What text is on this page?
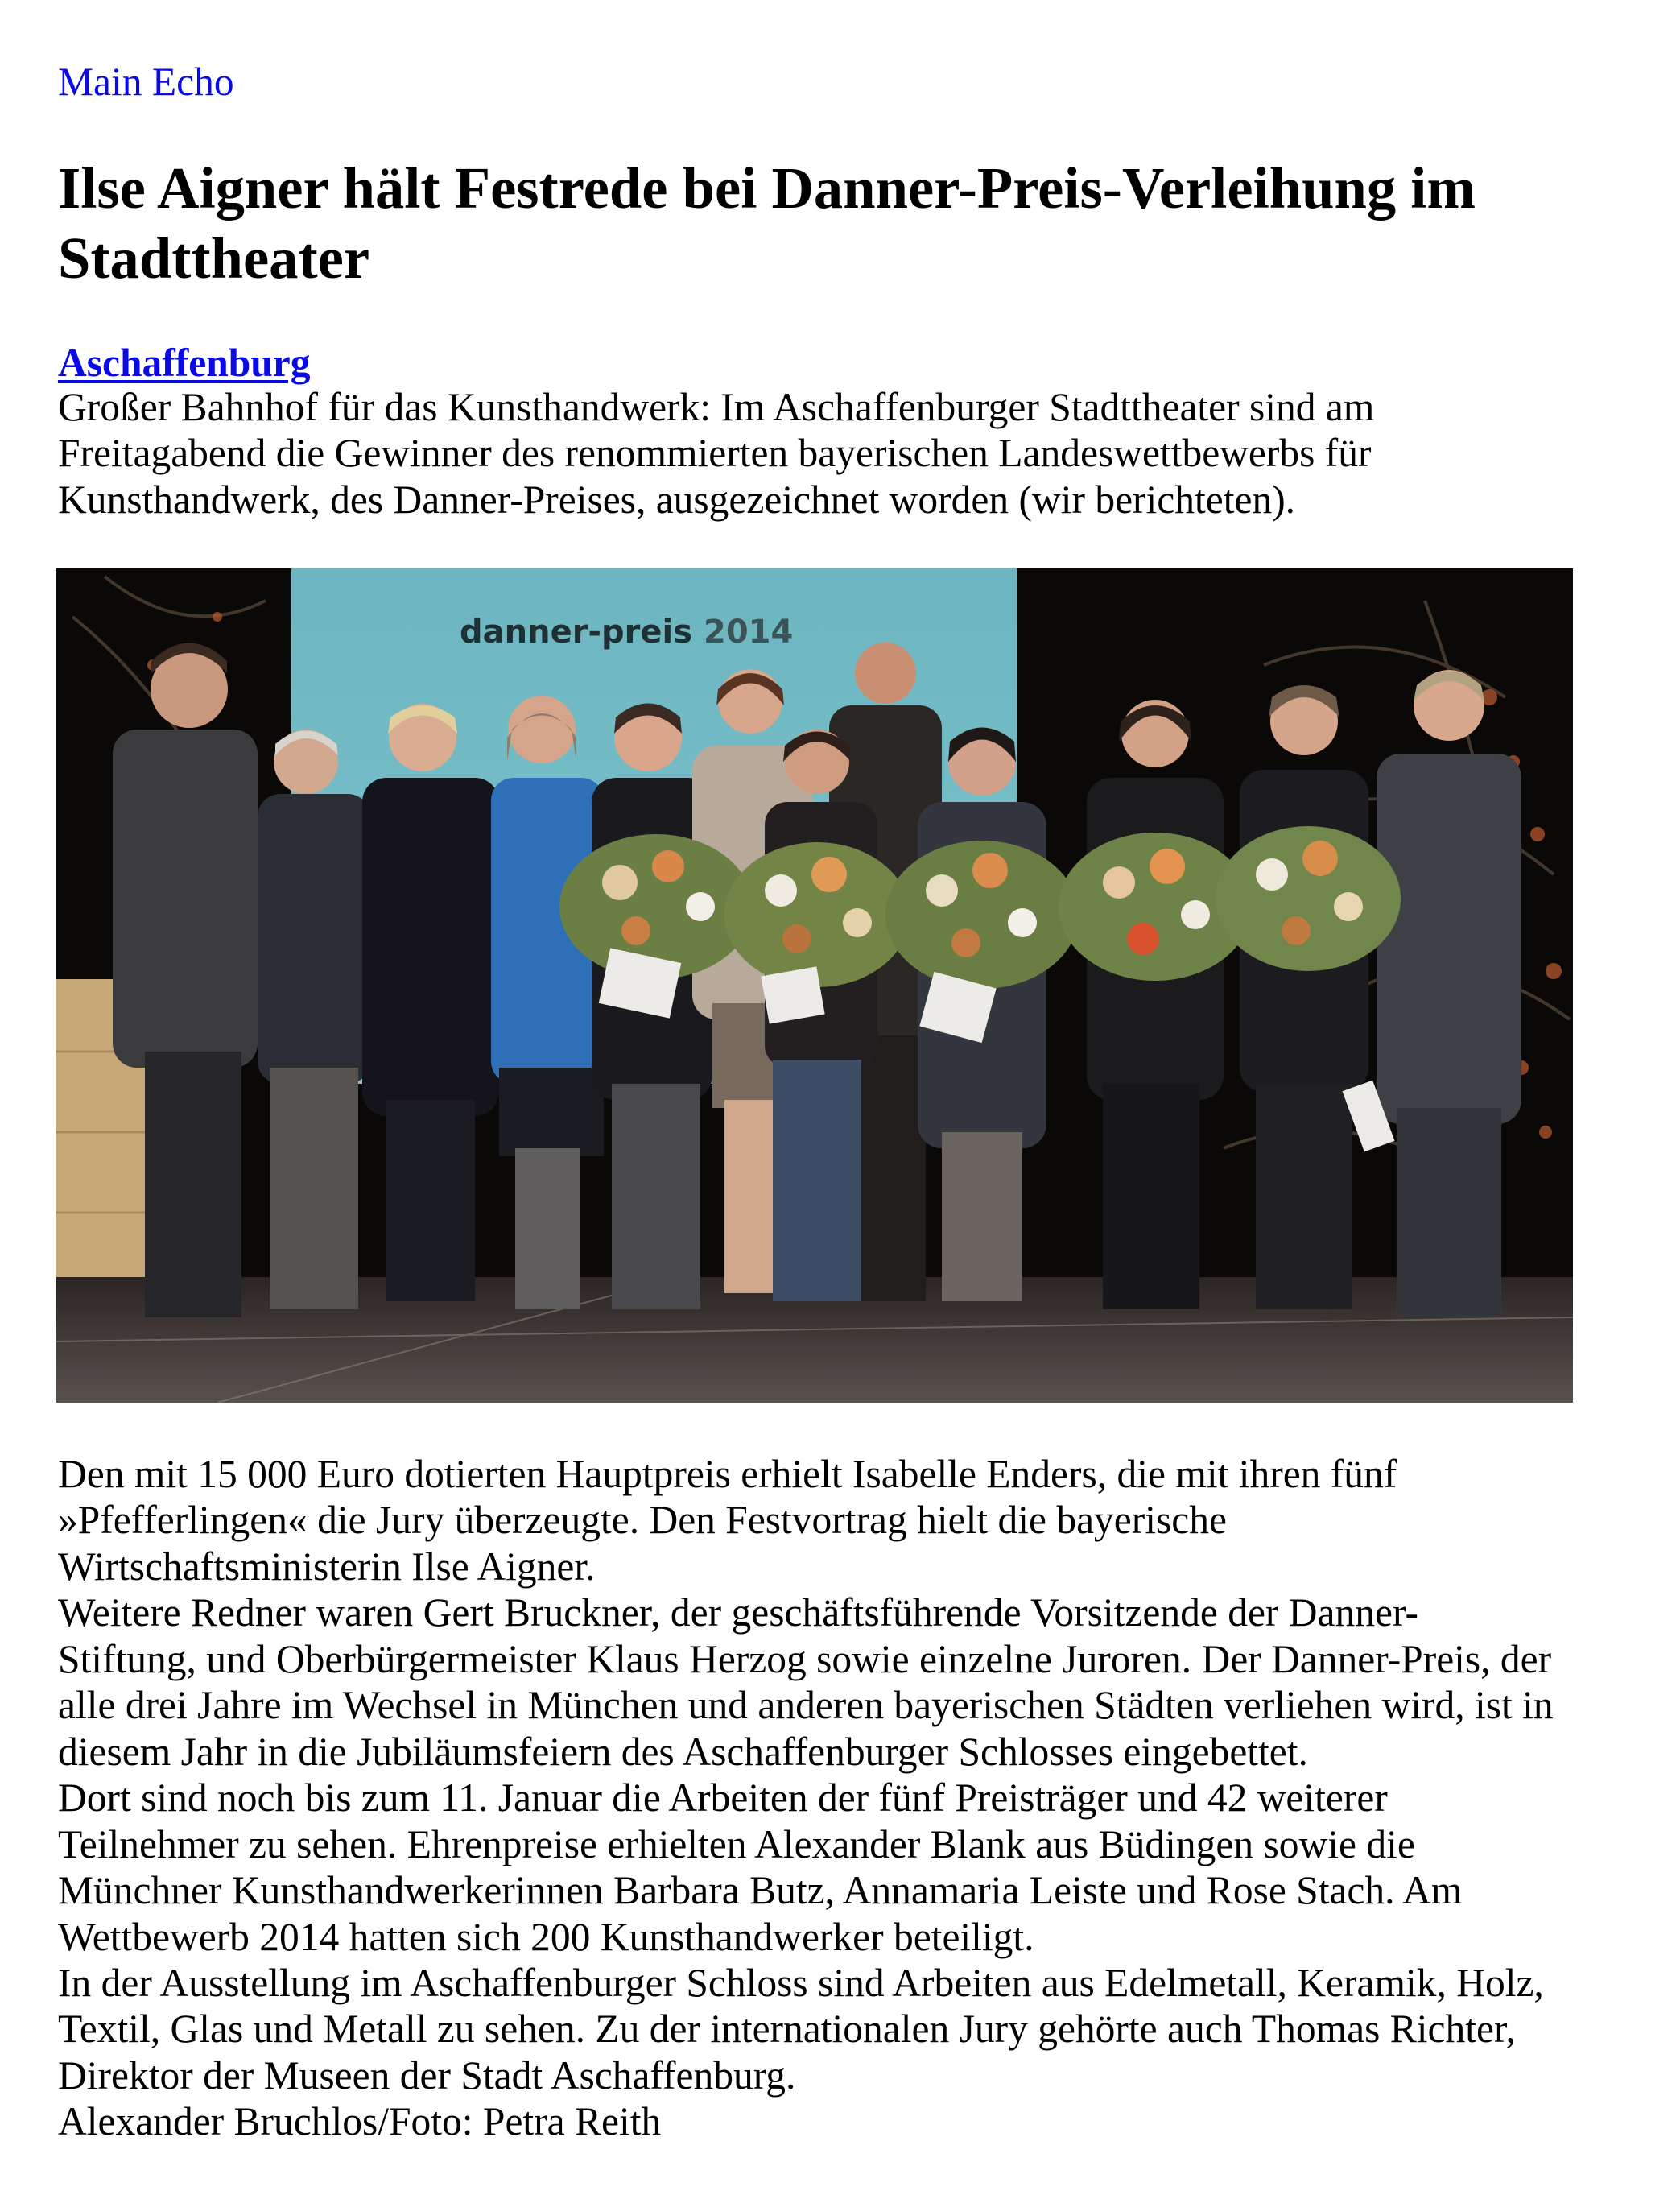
Main Echo
Ilse Aigner hält Festrede bei Danner-Preis-Verleihung im
Stadttheater
Aschaffenburg
Großer Bahnhof für das Kunsthandwerk: Im Aschaffenburger Stadttheater sind am
Freitagabend die Gewinner des renommierten bayerischen Landeswettbewerbs für
Kunsthandwerk, des Danner-Preises, ausgezeichnet worden (wir berichteten).
danner-preis 2014
Den mit 15 000 Euro dotierten Hauptpreis erhielt Isabelle Enders, die mit ihren fünf
»Pfefferlingen« die Jury überzeugte. Den Festvortrag hielt die bayerische
Wirtschaftsministerin Ilse Aigner.
Weitere Redner waren Gert Bruckner, der geschäftsführende Vorsitzende der Danner-
Stiftung, und Oberbürgermeister Klaus Herzog sowie einzelne Juroren. Der Danner-Preis, der
alle drei Jahre im Wechsel in München und anderen bayerischen Städten verliehen wird, ist in
diesem Jahr in die Jubiläumsfeiern des Aschaffenburger Schlosses eingebettet.
Dort sind noch bis zum 11. Januar die Arbeiten der fünf Preisträger und 42 weiterer
Teilnehmer zu sehen. Ehrenpreise erhielten Alexander Blank aus Büdingen sowie die
Münchner Kunsthandwerkerinnen Barbara Butz, Annamaria Leiste und Rose Stach. Am
Wettbewerb 2014 hatten sich 200 Kunsthandwerker beteiligt.
In der Ausstellung im Aschaffenburger Schloss sind Arbeiten aus Edelmetall, Keramik, Holz,
Textil, Glas und Metall zu sehen. Zu der internationalen Jury gehörte auch Thomas Richter,
Direktor der Museen der Stadt Aschaffenburg.
Alexander Bruchlos/Foto: Petra Reith
